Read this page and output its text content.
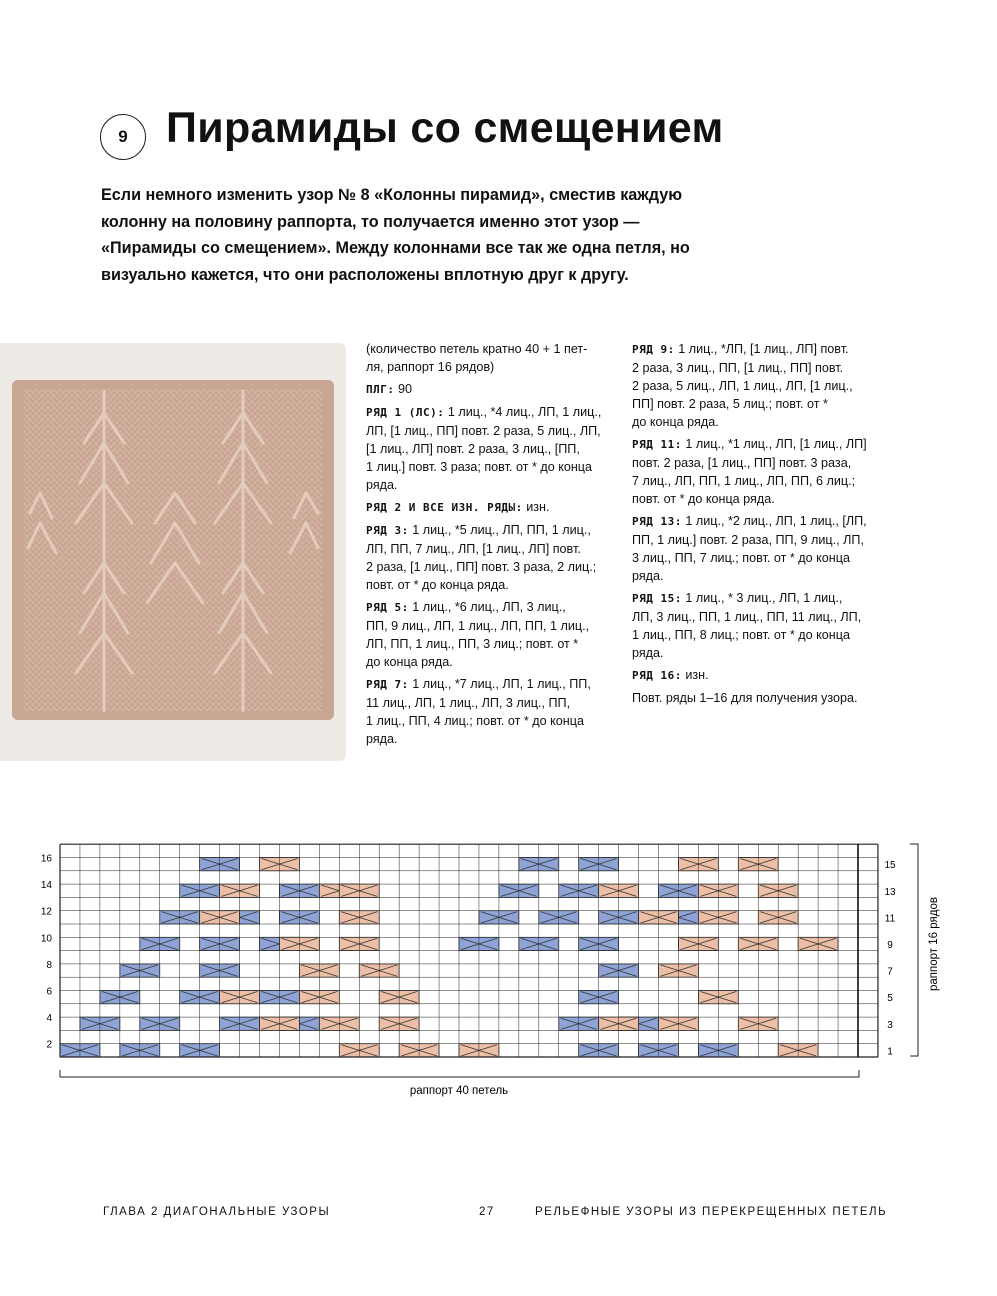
9 Пирамиды со смещением
Если немного изменить узор № 8 «Колонны пирамид», сместив каждую
колонну на половину раппорта, то получается именно этот узор —
«Пирамиды со смещением». Между колоннами все так же одна петля, но
визуально кажется, что они расположены вплотную друг к другу.
(количество петель кратно 40 + 1 пет-
ля, раппорт 16 рядов)
ПЛГ: 90
РЯД 1 (ЛС): 1 лиц., *4 лиц., ЛП, 1 лиц.,
ЛП, [1 лиц., ПП] повт. 2 раза, 5 лиц., ЛП,
[1 лиц., ЛП] повт. 2 раза, 3 лиц., [ПП,
1 лиц.] повт. 3 раза; повт. от * до конца
ряда.
РЯД 2 И ВСЕ ИЗН. РЯДЫ: изн.
РЯД 3: 1 лиц., *5 лиц., ЛП, ПП, 1 лиц.,
ЛП, ПП, 7 лиц., ЛП, [1 лиц., ЛП] повт.
2 раза, [1 лиц., ПП] повт. 3 раза, 2 лиц.;
повт. от * до конца ряда.
РЯД 5: 1 лиц., *6 лиц., ЛП, 3 лиц.,
ПП, 9 лиц., ЛП, 1 лиц., ЛП, ПП, 1 лиц.,
ЛП, ПП, 1 лиц., ПП, 3 лиц.; повт. от *
до конца ряда.
РЯД 7: 1 лиц., *7 лиц., ЛП, 1 лиц., ПП,
11 лиц., ЛП, 1 лиц., ЛП, 3 лиц., ПП,
1 лиц., ПП, 4 лиц.; повт. от * до конца
ряда.
РЯД 9: 1 лиц., *ЛП, [1 лиц., ЛП] повт.
2 раза, 3 лиц., ПП, [1 лиц., ПП] повт.
2 раза, 5 лиц., ЛП, 1 лиц., ЛП, [1 лиц.,
ПП] повт. 2 раза, 5 лиц.; повт. от *
до конца ряда.
РЯД 11: 1 лиц., *1 лиц., ЛП, [1 лиц., ЛП]
повт. 2 раза, [1 лиц., ПП] повт. 3 раза,
7 лиц., ЛП, ПП, 1 лиц., ЛП, ПП, 6 лиц.;
повт. от * до конца ряда.
РЯД 13: 1 лиц., *2 лиц., ЛП, 1 лиц., [ЛП,
ПП, 1 лиц.] повт. 2 раза, ПП, 9 лиц., ЛП,
3 лиц., ПП, 7 лиц.; повт. от * до конца
ряда.
РЯД 15: 1 лиц., * 3 лиц., ЛП, 1 лиц.,
ЛП, 3 лиц., ПП, 1 лиц., ПП, 11 лиц., ЛП,
1 лиц., ПП, 8 лиц.; повт. от * до конца
ряда.
РЯД 16: изн.
Повт. ряды 1–16 для получения узора.
2
4
6
8
10
12
14
16
1
3
5
7
9
11
13
15
раппорт 16 рядов
раппорт 40 петель
ГЛАВА 2 ДИАГОНАЛЬНЫЕ УЗОРЫ	27	РЕЛЬЕФНЫЕ УЗОРЫ ИЗ ПЕРЕКРЕЩЕННЫХ ПЕТЕЛЬ
